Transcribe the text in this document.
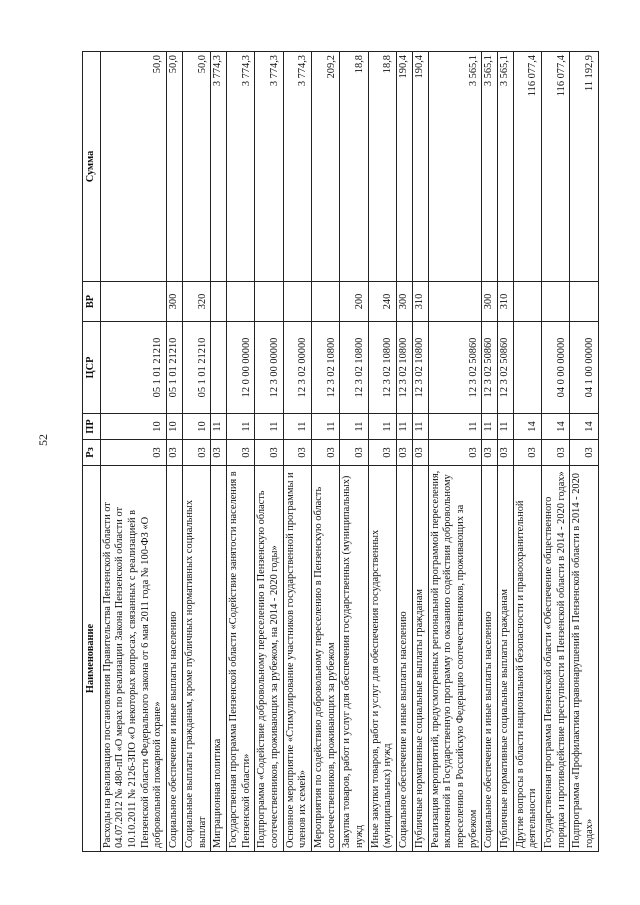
52
Наименование	Рз	ПР	ЦСР	ВР	Сумма
Расходы на реализацию постановления Правительства Пензенской области от 04.07.2012 № 480-пП «О мерах по реализации Закона Пензенской области от 10.10.2011 № 2126-ЗПО «О некоторых вопросах, связанных с реализацией в Пензенской области Федерального закона от 6 мая 2011 года № 100-ФЗ «О добровольной пожарной охране»	03	10	05 1 01 21210		50,0
Социальное обеспечение и иные выплаты населению	03	10	05 1 01 21210	300	50,0
Социальные выплаты гражданам, кроме публичных нормативных социальных выплат	03	10	05 1 01 21210	320	50,0
Миграционная политика	03	11			3 774,3
Государственная программа Пензенской области «Содействие занятости населения в Пензенской области»	03	11	12 0 00 00000		3 774,3
Подпрограмма «Содействие добровольному переселению в Пензенскую область соотечественников, проживающих за рубежом, на 2014 - 2020 годы»	03	11	12 3 00 00000		3 774,3
Основное мероприятие «Стимулирование участников государственной программы и членов их семей»	03	11	12 3 02 00000		3 774,3
Мероприятия по содействию добровольному переселению в Пензенскую область соотечественников, проживающих за рубежом	03	11	12 3 02 10800		209,2
Закупка товаров, работ и услуг для обеспечения государственных (муниципальных) нужд	03	11	12 3 02 10800	200	18,8
Иные закупки товаров, работ и услуг для обеспечения государственных (муниципальных) нужд	03	11	12 3 02 10800	240	18,8
Социальное обеспечение и иные выплаты населению	03	11	12 3 02 10800	300	190,4
Публичные нормативные социальные выплаты гражданам	03	11	12 3 02 10800	310	190,4
Реализация мероприятий, предусмотренных региональной программой переселения, включенной в Государственную программу по оказанию содействия добровольному переселению в Российскую Федерацию соотечественников, проживающих за рубежом	03	11	12 3 02 50860		3 565,1
Социальное обеспечение и иные выплаты населению	03	11	12 3 02 50860	300	3 565,1
Публичные нормативные социальные выплаты гражданам	03	11	12 3 02 50860	310	3 565,1
Другие вопросы в области национальной безопасности и правоохранительной деятельности	03	14			116 077,4
Государственная программа Пензенской области «Обеспечение общественного порядка и противодействие преступности в Пензенской области в 2014 - 2020 годах»	03	14	04 0 00 00000		116 077,4
Подпрограмма «Профилактика правонарушений в Пензенской области в 2014 - 2020 годах»	03	14	04 1 00 00000		11 192,9
